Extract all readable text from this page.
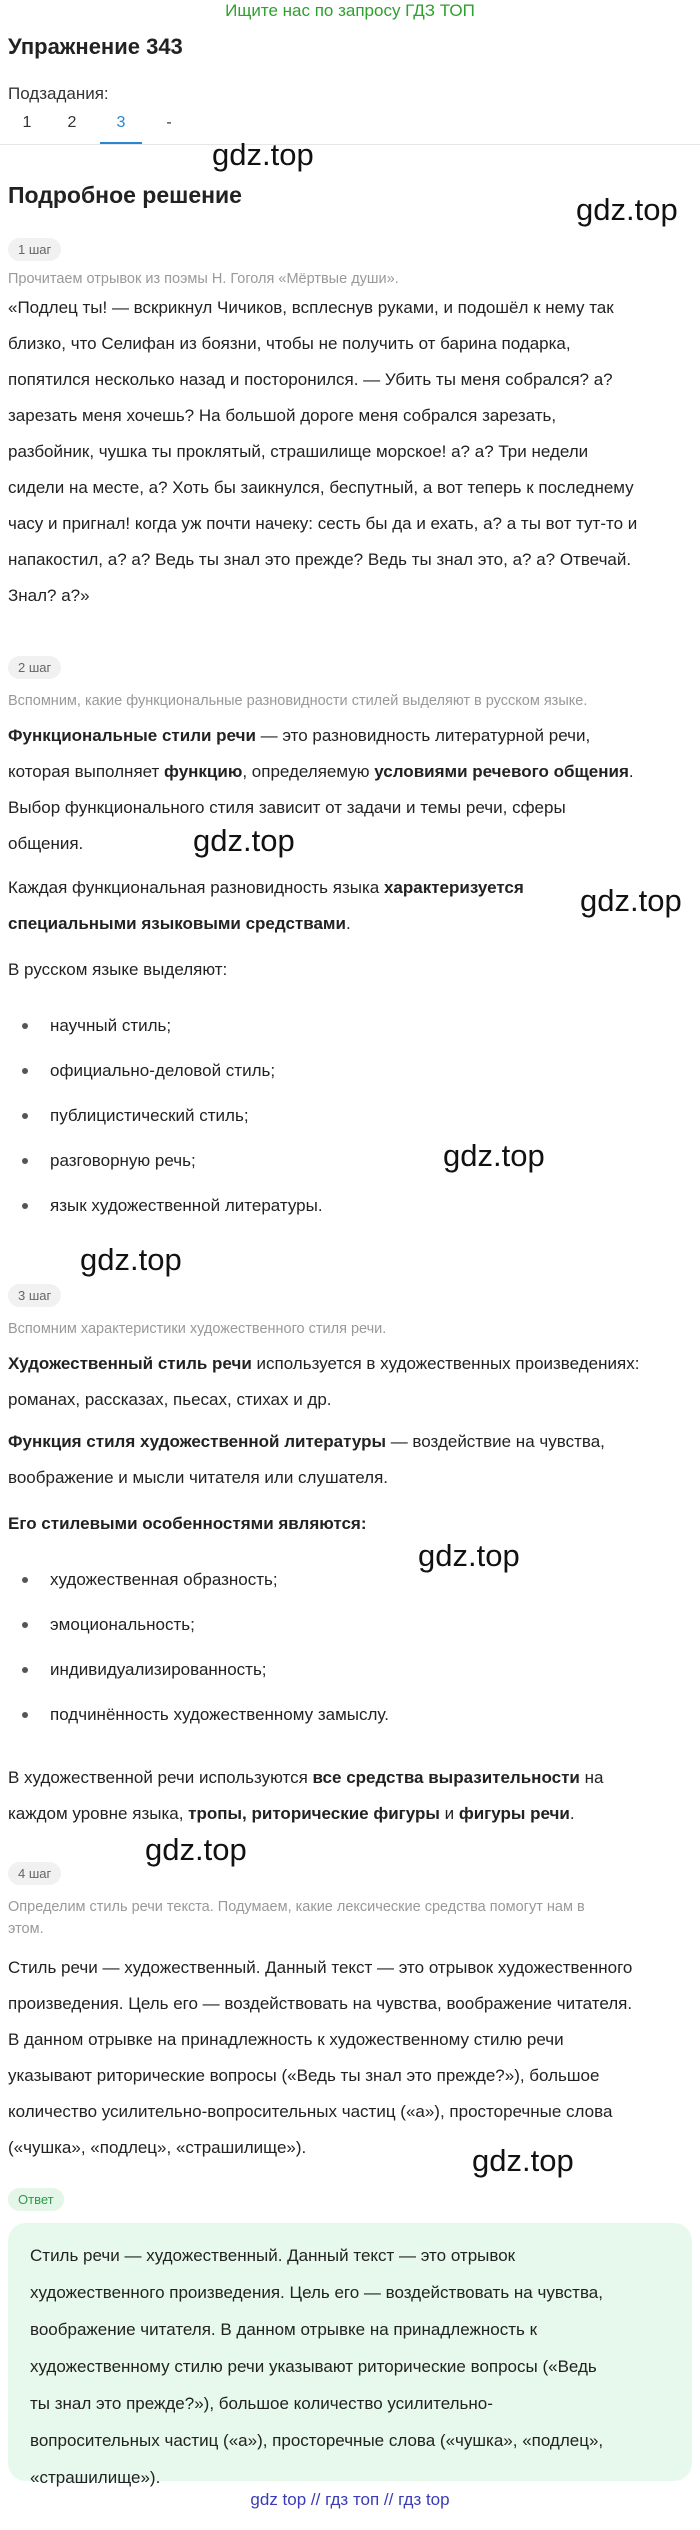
Ищите нас по запросу ГДЗ ТОП
Упражнение 343
Подзадания:
1	2	3	-
gdz.top
gdz.top
gdz.top
gdz.top
gdz.top
gdz.top
gdz.top
gdz.top
gdz.top
Подробное решение
1 шаг
Прочитаем отрывок из поэмы Н. Гоголя «Мёртвые души».
«Подлец ты! — вскрикнул Чичиков, всплеснув руками, и подошёл к нему так
близко, что Селифан из боязни, чтобы не получить от барина подарка,
попятился несколько назад и посторонился. — Убить ты меня собрался? а?
зарезать меня хочешь? На большой дороге меня собрался зарезать,
разбойник, чушка ты проклятый, страшилище морское! а? а? Три недели
сидели на месте, а? Хоть бы заикнулся, беспутный, а вот теперь к последнему
часу и пригнал! когда уж почти начеку: сесть бы да и ехать, а? а ты вот тут-то и
напакостил, а? а? Ведь ты знал это прежде? Ведь ты знал это, а? а? Отвечай.
Знал? а?»
2 шаг
Вспомним, какие функциональные разновидности стилей выделяют в русском языке.
Функциональные стили речи — это разновидность литературной речи,
которая выполняет функцию, определяемую условиями речевого общения.
Выбор функционального стиля зависит от задачи и темы речи, сферы
общения.
Каждая функциональная разновидность языка характеризуется
специальными языковыми средствами.
В русском языке выделяют:
научный стиль;
официально-деловой стиль;
публицистический стиль;
разговорную речь;
язык художественной литературы.
3 шаг
Вспомним характеристики художественного стиля речи.
Художественный стиль речи используется в художественных произведениях:
романах, рассказах, пьесах, стихах и др.
Функция стиля художественной литературы — воздействие на чувства,
воображение и мысли читателя или слушателя.
Его стилевыми особенностями являются:
художественная образность;
эмоциональность;
индивидуализированность;
подчинённость художественному замыслу.
В художественной речи используются все средства выразительности на
каждом уровне языка, тропы, риторические фигуры и фигуры речи.
4 шаг
Определим стиль речи текста. Подумаем, какие лексические средства помогут нам в
этом.
Стиль речи — художественный. Данный текст — это отрывок художественного
произведения. Цель его — воздействовать на чувства, воображение читателя.
В данном отрывке на принадлежность к художественному стилю речи
указывают риторические вопросы («Ведь ты знал это прежде?»), большое
количество усилительно-вопросительных частиц («а»), просторечные слова
(«чушка», «подлец», «страшилище»).
Ответ
Стиль речи — художественный. Данный текст — это отрывок
художественного произведения. Цель его — воздействовать на чувства,
воображение читателя. В данном отрывке на принадлежность к
художественному стилю речи указывают риторические вопросы («Ведь
ты знал это прежде?»), большое количество усилительно-
вопросительных частиц («а»), просторечные слова («чушка», «подлец»,
«страшилище»).
gdz top // гдз топ // гдз top
